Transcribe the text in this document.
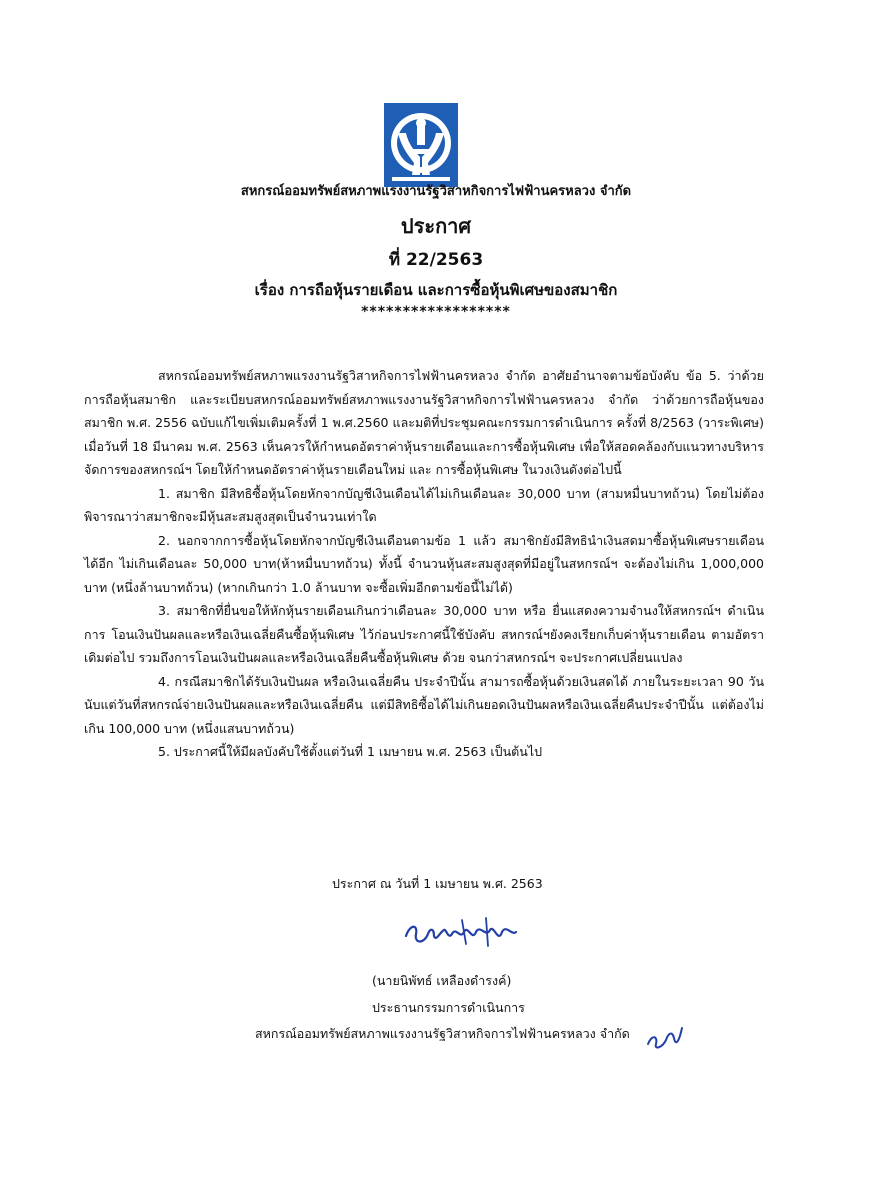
สหกรณ์ออมทรัพย์สหภาพแรงงานรัฐวิสาหกิจการไฟฟ้านครหลวง จำกัด
ประกาศ
ที่ 22/2563
เรื่อง การถือหุ้นรายเดือน และการซื้อหุ้นพิเศษของสมาชิก
******************

สหกรณ์ออมทรัพย์สหภาพแรงงานรัฐวิสาหกิจการไฟฟ้านครหลวง จำกัด อาศัยอำนาจตามข้อบังคับ ข้อ 5. ว่าด้วยการถือหุ้นสมาชิก และระเบียบสหกรณ์ออมทรัพย์สหภาพแรงงานรัฐวิสาหกิจการไฟฟ้านครหลวง จำกัด ว่าด้วยการถือหุ้นของสมาชิก พ.ศ. 2556 ฉบับแก้ไขเพิ่มเติมครั้งที่ 1 พ.ศ.2560 และมติที่ประชุมคณะกรรมการดำเนินการ ครั้งที่ 8/2563 (วาระพิเศษ) เมื่อวันที่ 18 มีนาคม พ.ศ. 2563 เห็นควรให้กำหนดอัตราค่าหุ้นรายเดือนและการซื้อหุ้นพิเศษ เพื่อให้สอดคล้องกับแนวทางบริหารจัดการของสหกรณ์ฯ โดยให้กำหนดอัตราค่าหุ้นรายเดือนใหม่ และ การซื้อหุ้นพิเศษ ในวงเงินดังต่อไปนี้

1. สมาชิก มีสิทธิซื้อหุ้นโดยหักจากบัญชีเงินเดือนได้ไม่เกินเดือนละ 30,000 บาท (สามหมื่นบาทถ้วน) โดยไม่ต้องพิจารณาว่าสมาชิกจะมีหุ้นสะสมสูงสุดเป็นจำนวนเท่าใด

2. นอกจากการซื้อหุ้นโดยหักจากบัญชีเงินเดือนตามข้อ 1 แล้ว สมาชิกยังมีสิทธินำเงินสดมาซื้อหุ้นพิเศษรายเดือนได้อีก ไม่เกินเดือนละ 50,000 บาท(ห้าหมื่นบาทถ้วน) ทั้งนี้ จำนวนหุ้นสะสมสูงสุดที่มีอยู่ในสหกรณ์ฯ จะต้องไม่เกิน 1,000,000 บาท (หนึ่งล้านบาทถ้วน) (หากเกินกว่า 1.0 ล้านบาท จะซื้อเพิ่มอีกตามข้อนี้ไม่ได้)

3. สมาชิกที่ยื่นขอให้หักหุ้นรายเดือนเกินกว่าเดือนละ 30,000 บาท หรือ ยื่นแสดงความจำนงให้สหกรณ์ฯ ดำเนินการ โอนเงินปันผลและหรือเงินเฉลี่ยคืนซื้อหุ้นพิเศษ ไว้ก่อนประกาศนี้ใช้บังคับ สหกรณ์ฯยังคงเรียกเก็บค่าหุ้นรายเดือน ตามอัตราเดิมต่อไป รวมถึงการโอนเงินปันผลและหรือเงินเฉลี่ยคืนซื้อหุ้นพิเศษ ด้วย จนกว่าสหกรณ์ฯ จะประกาศเปลี่ยนแปลง

4. กรณีสมาชิกได้รับเงินปันผล หรือเงินเฉลี่ยคืน ประจำปีนั้น สามารถซื้อหุ้นด้วยเงินสดได้ ภายในระยะเวลา 90 วัน นับแต่วันที่สหกรณ์จ่ายเงินปันผลและหรือเงินเฉลี่ยคืน แต่มีสิทธิซื้อได้ไม่เกินยอดเงินปันผลหรือเงินเฉลี่ยคืนประจำปีนั้น แต่ต้องไม่เกิน 100,000 บาท (หนึ่งแสนบาทถ้วน)

5. ประกาศนี้ให้มีผลบังคับใช้ตั้งแต่วันที่ 1 เมษายน พ.ศ. 2563 เป็นต้นไป

ประกาศ ณ วันที่ 1 เมษายน พ.ศ. 2563
(นายนิพัทธ์ เหลืองดำรงค์)
ประธานกรรมการดำเนินการ
สหกรณ์ออมทรัพย์สหภาพแรงงานรัฐวิสาหกิจการไฟฟ้านครหลวง จำกัด
